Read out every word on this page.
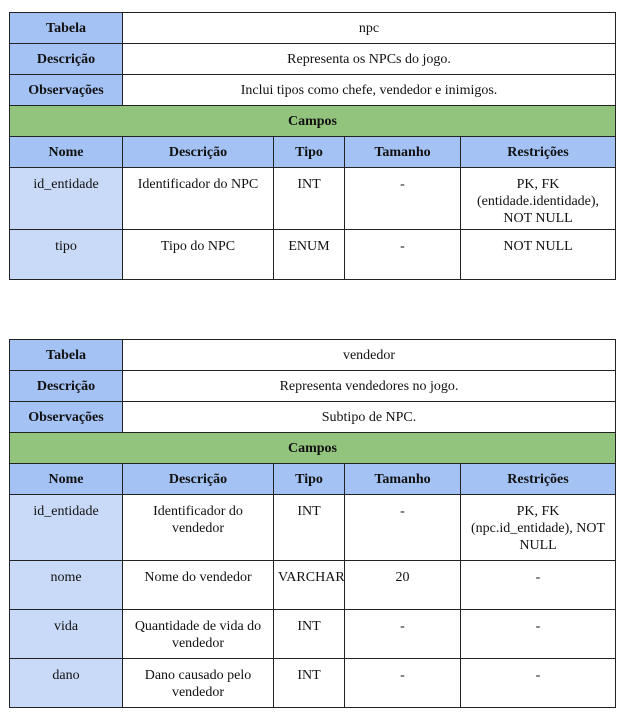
Tabela	npc			
Descrição	Representa os NPCs do jogo.			
Observações	Inclui tipos como chefe, vendedor e inimigos.			
Campos				
Nome	Descrição	Tipo	Tamanho	Restrições
id_entidade	Identificador do NPC	INT	-	PK, FK (entidade.identidade), NOT NULL
tipo	Tipo do NPC	ENUM	-	NOT NULL
Tabela	vendedor			
Descrição	Representa vendedores no jogo.			
Observações	Subtipo de NPC.			
Campos				
Nome	Descrição	Tipo	Tamanho	Restrições
id_entidade	Identificador do vendedor	INT	-	PK, FK (npc.id_entidade), NOT NULL
nome	Nome do vendedor	VARCHAR	20	-
vida	Quantidade de vida do vendedor	INT	-	-
dano	Dano causado pelo vendedor	INT	-	-
